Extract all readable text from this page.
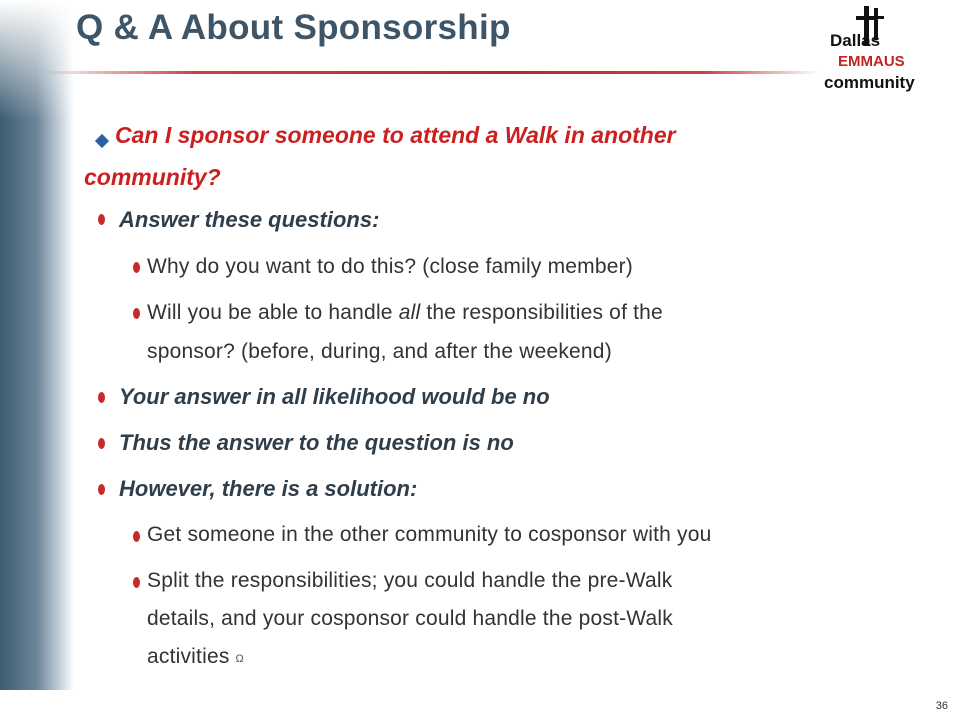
Q & A About Sponsorship	Dallas
EMMAUS
community
Can I sponsor someone to attend a Walk in another
community?
Answer these questions:
Why do you want to do this? (close family member)
Will you be able to handle all the responsibilities of the
sponsor? (before, during, and after the weekend)
Your answer in all likelihood would be no
Thus the answer to the question is no
However, there is a solution:
Get someone in the other community to cosponsor with you
Split the responsibilities; you could handle the pre-Walk
details, and your cosponsor could handle the post-Walk
activities Ω
36
